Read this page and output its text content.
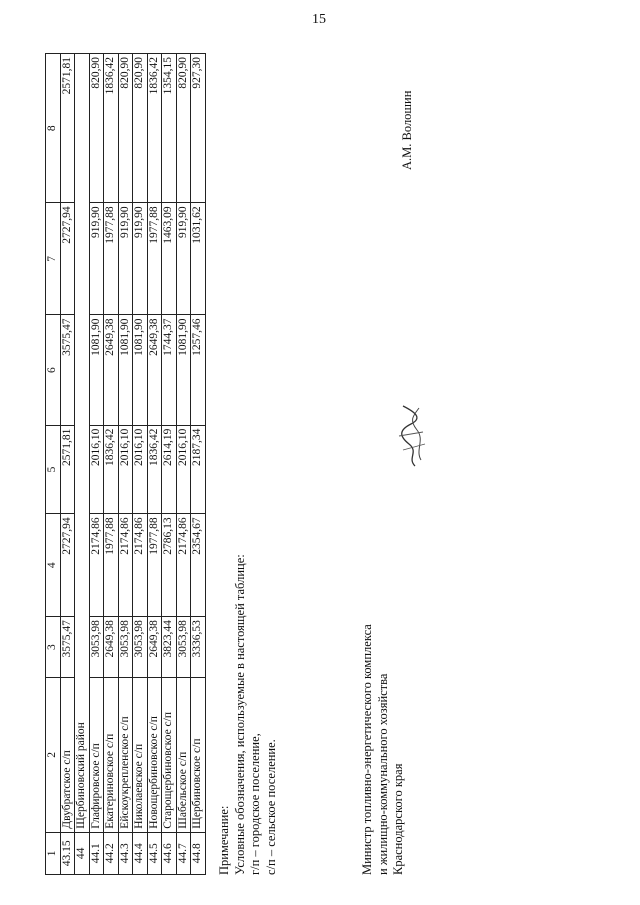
15
1	2	3	4	5	6	7	8
43.15	Двубратское с/п	3575,47	2727,94	2571,81	3575,47	2727,94	2571,81
44	Щербиновский район						
44.1	Глафировское с/п	3053,98	2174,86	2016,10	1081,90	919,90	820,90
44.2	Екатериновское с/п	2649,38	1977,88	1836,42	2649,38	1977,88	1836,42
44.3	Ейскоукрепленское с/п	3053,98	2174,86	2016,10	1081,90	919,90	820,90
44.4	Николаевское с/п	3053,98	2174,86	2016,10	1081,90	919,90	820,90
44.5	Новощербиновское с/п	2649,38	1977,88	1836,42	2649,38	1977,88	1836,42
44.6	Старощербиновское с/п	3823,44	2786,13	2614,19	1744,37	1463,09	1354,15
44.7	Шабельское с/п	3053,98	2174,86	2016,10	1081,90	919,90	820,90
44.8	Щербиновское с/п	3336,53	2354,67	2187,34	1257,46	1031,62	927,30
Примечание: Условные обозначения, используемые в настоящей таблице: г/п – городское поселение, с/п – сельское поселение.	Министр топливно-энергетического комплекса и жилищно-коммунального хозяйства Краснодарского края
А.М. Волошин
